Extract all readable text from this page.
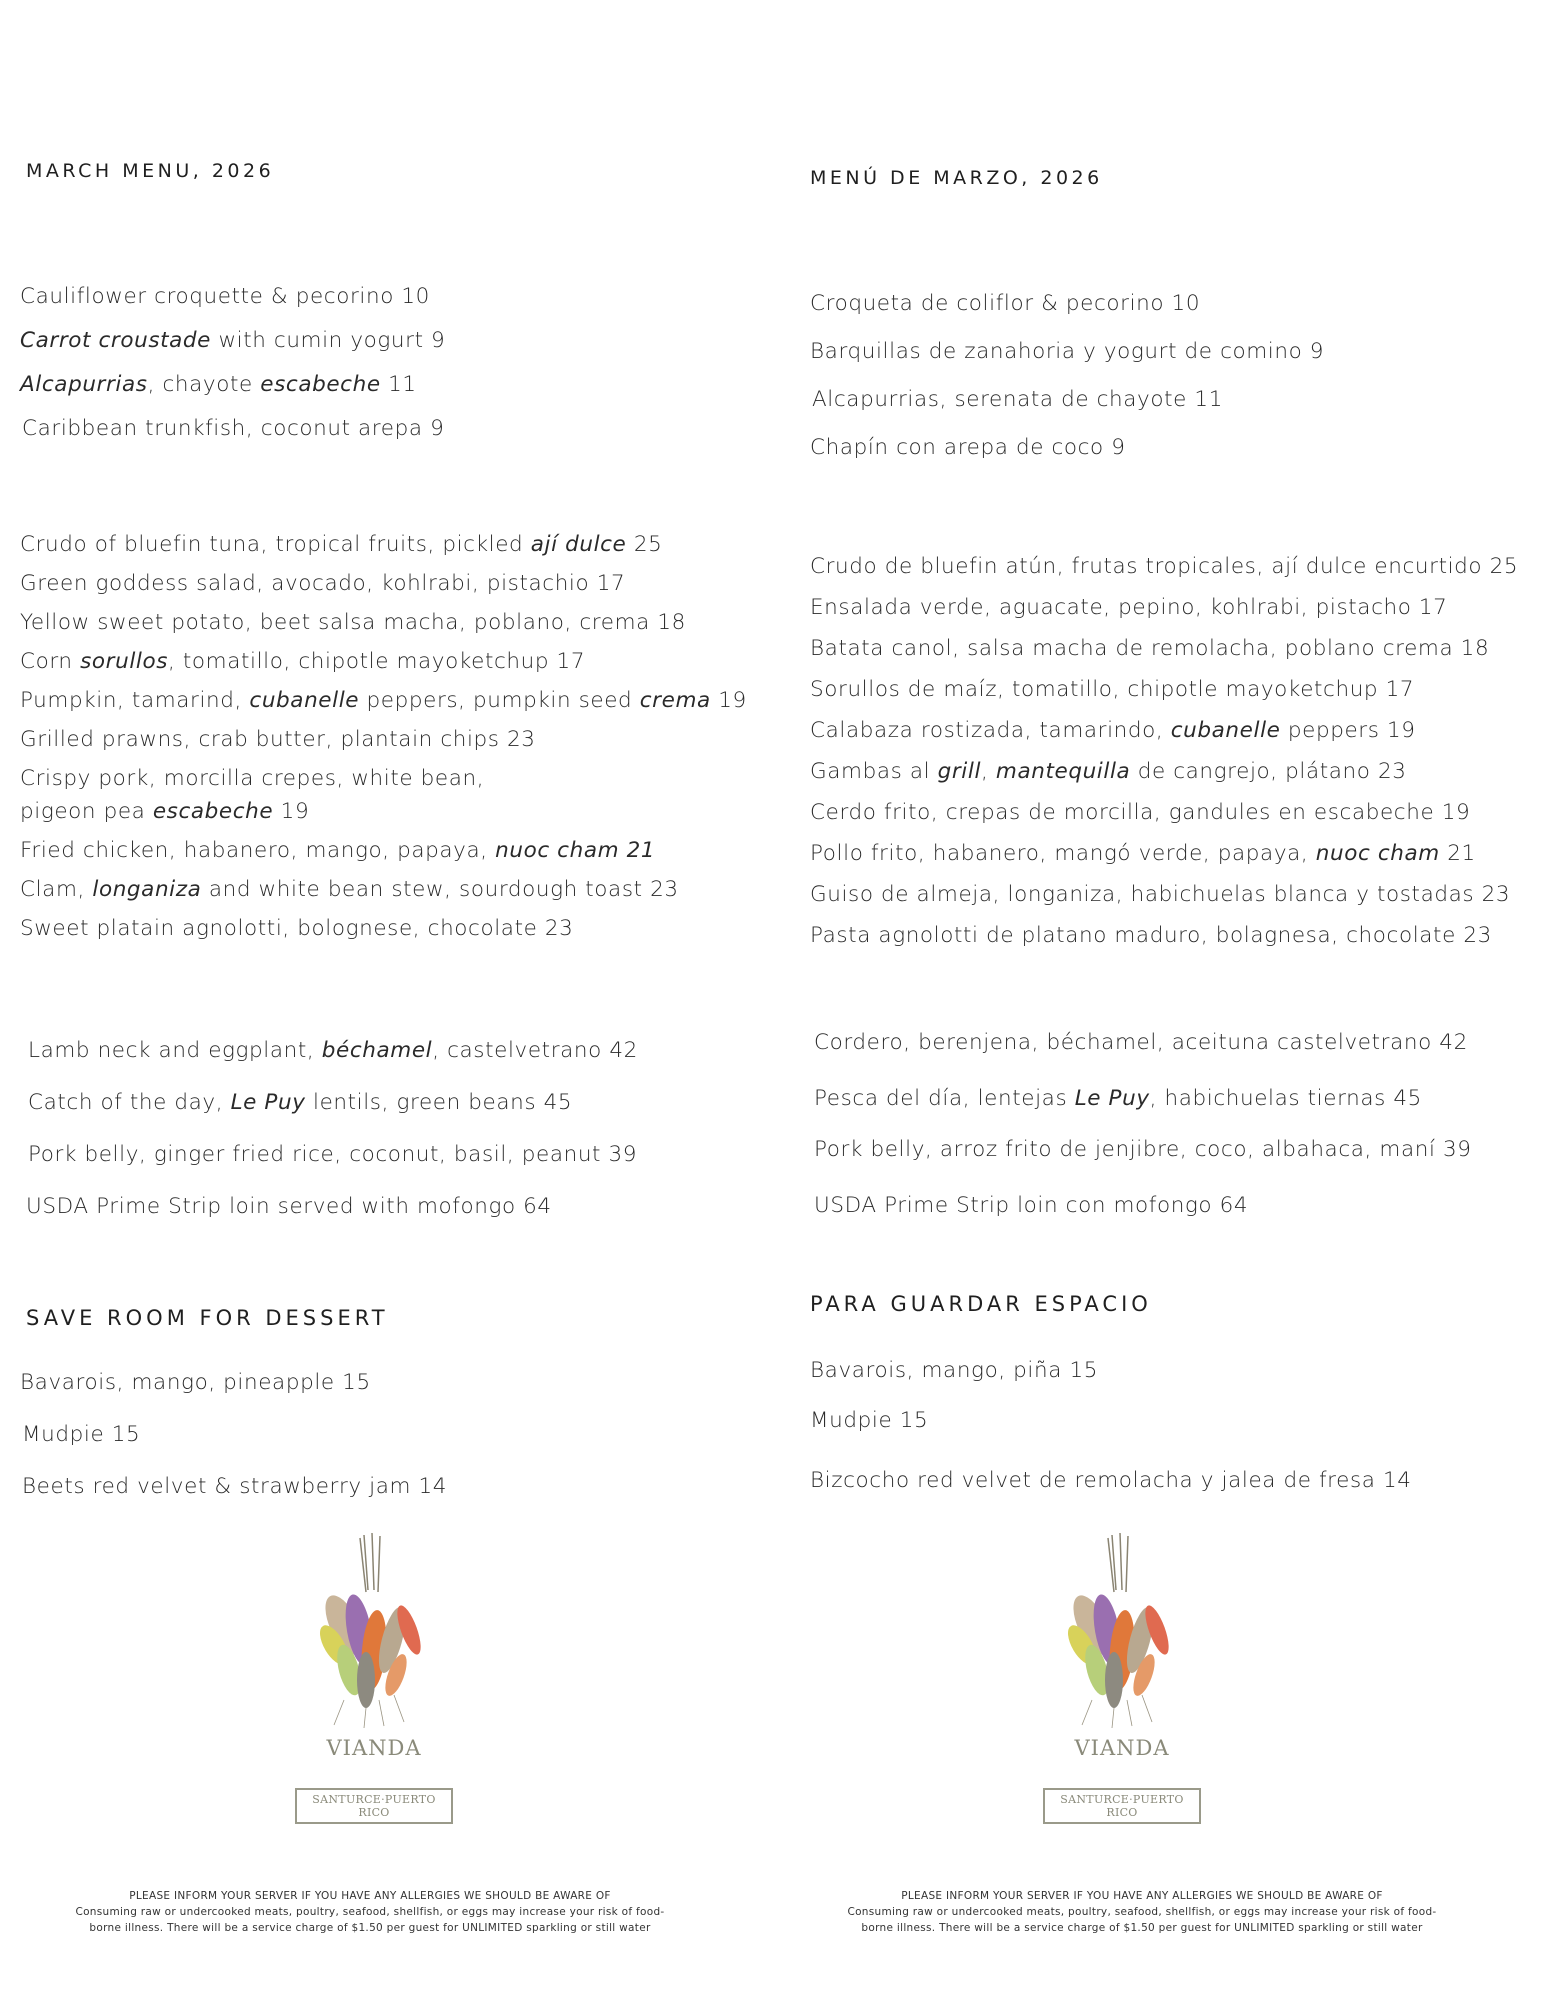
MARCH MENU, 2026

Cauliflower croquette & pecorino 10

Carrot croustade with cumin yogurt 9

Alcapurrias, chayote escabeche 11

Caribbean trunkfish, coconut arepa 9

Crudo of bluefin tuna, tropical fruits, pickled ají dulce 25

Green goddess salad, avocado, kohlrabi, pistachio 17

Yellow sweet potato, beet salsa macha, poblano, crema 18

Corn sorullos, tomatillo, chipotle mayoketchup 17

Pumpkin, tamarind, cubanelle peppers, pumpkin seed crema 19

Grilled prawns, crab butter, plantain chips 23

Crispy pork, morcilla crepes, white bean,

pigeon pea escabeche 19

Fried chicken, habanero, mango, papaya, nuoc cham 21

Clam, longaniza and white bean stew, sourdough toast 23

Sweet platain agnolotti, bolognese, chocolate 23

Lamb neck and eggplant, béchamel, castelvetrano 42

Catch of the day, Le Puy lentils, green beans 45

Pork belly, ginger fried rice, coconut, basil, peanut 39

USDA Prime Strip loin served with mofongo 64

SAVE ROOM FOR DESSERT

Bavarois, mango, pineapple 15

Mudpie 15

Beets red velvet & strawberry jam 14

VIANDA
SANTURCE·PUERTO RICO
PLEASE INFORM YOUR SERVER IF YOU HAVE ANY ALLERGIES WE SHOULD BE AWARE OF
Consuming raw or undercooked meats, poultry, seafood, shellfish, or eggs may increase your risk of food-
borne illness. There will be a service charge of $1.50 per guest for UNLIMITED sparkling or still water
MENÚ DE MARZO, 2026

Croqueta de coliflor & pecorino 10

Barquillas de zanahoria y yogurt de comino 9

Alcapurrias, serenata de chayote 11

Chapín con arepa de coco 9

Crudo de bluefin atún, frutas tropicales, ají dulce encurtido 25

Ensalada verde, aguacate, pepino, kohlrabi, pistacho 17

Batata canol, salsa macha de remolacha, poblano crema 18

Sorullos de maíz, tomatillo, chipotle mayoketchup 17

Calabaza rostizada, tamarindo, cubanelle peppers 19

Gambas al grill, mantequilla de cangrejo, plátano 23

Cerdo frito, crepas de morcilla, gandules en escabeche 19

Pollo frito, habanero, mangó verde, papaya, nuoc cham 21

Guiso de almeja, longaniza, habichuelas blanca y tostadas 23

Pasta agnolotti de platano maduro, bolagnesa, chocolate 23

Cordero, berenjena, béchamel, aceituna castelvetrano 42

Pesca del día, lentejas Le Puy, habichuelas tiernas 45

Pork belly, arroz frito de jenjibre, coco, albahaca, maní 39

USDA Prime Strip loin con mofongo 64

PARA GUARDAR ESPACIO

Bavarois, mango, piña 15

Mudpie 15

Bizcocho red velvet de remolacha y jalea de fresa 14

VIANDA
SANTURCE·PUERTO RICO
PLEASE INFORM YOUR SERVER IF YOU HAVE ANY ALLERGIES WE SHOULD BE AWARE OF
Consuming raw or undercooked meats, poultry, seafood, shellfish, or eggs may increase your risk of food-
borne illness. There will be a service charge of $1.50 per guest for UNLIMITED sparkling or still water
